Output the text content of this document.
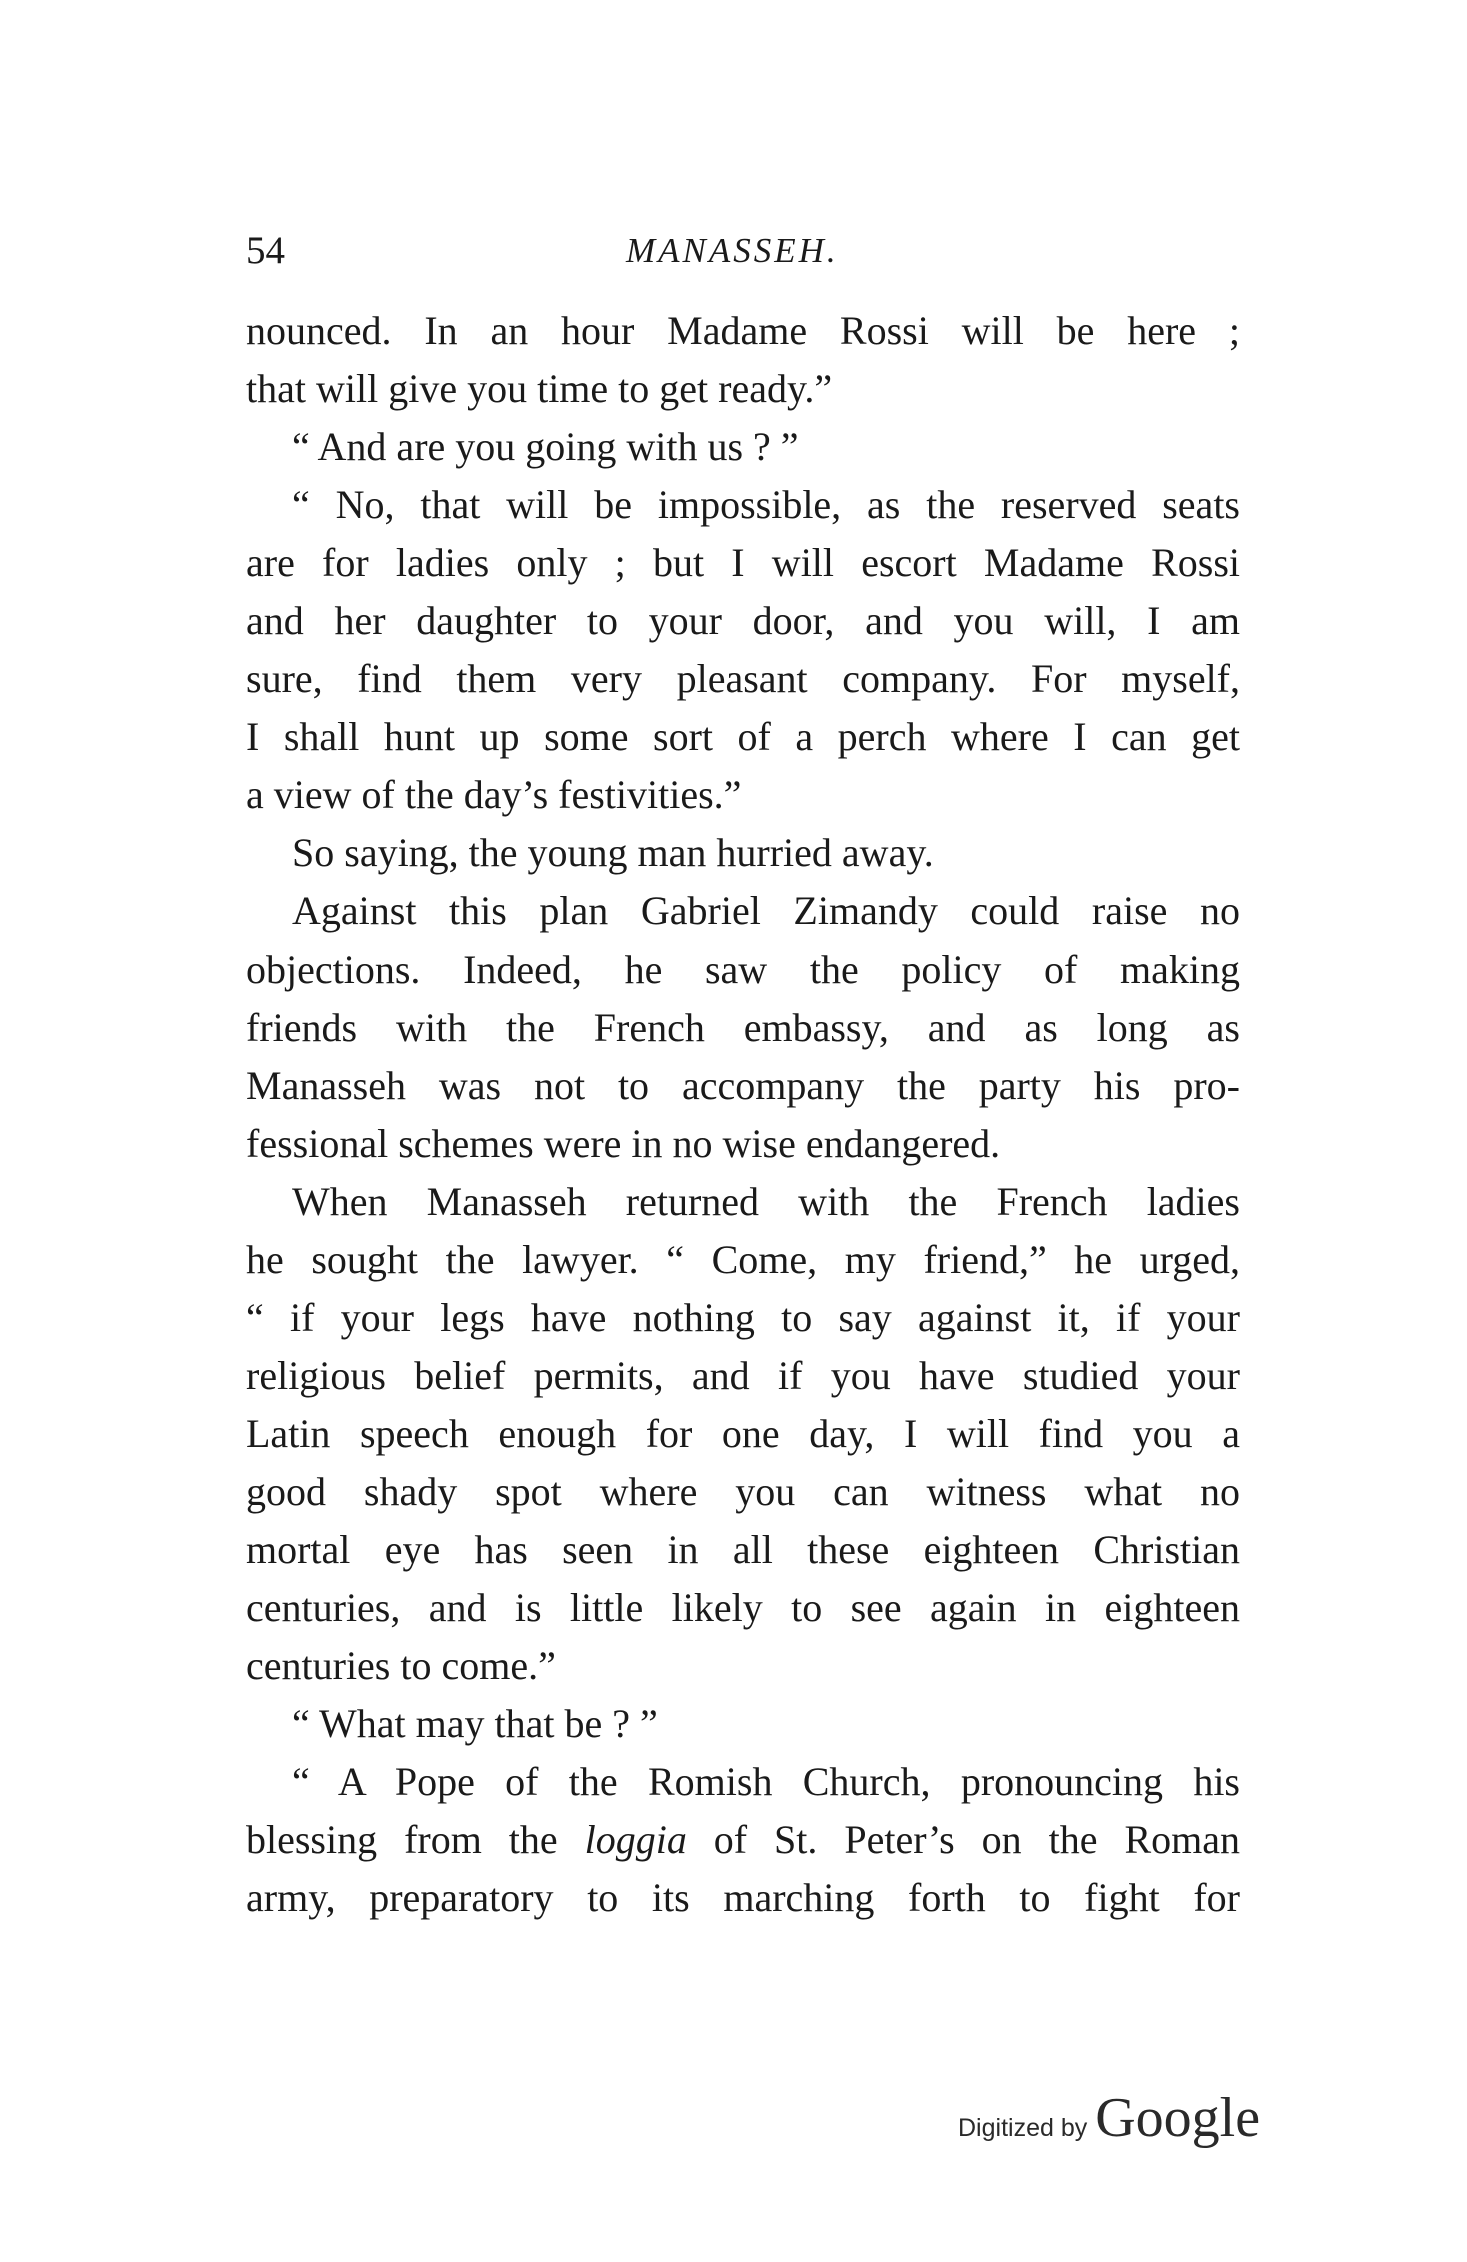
54	MANASSEH.
nounced. In an hour Madame Rossi will be here ;
that will give you time to get ready.”
“ And are you going with us ? ”
“ No, that will be impossible, as the reserved seats
are for ladies only ; but I will escort Madame Rossi
and her daughter to your door, and you will, I am
sure, find them very pleasant company. For myself,
I shall hunt up some sort of a perch where I can get
a view of the day’s festivities.”
So saying, the young man hurried away.
Against this plan Gabriel Zimandy could raise no
objections. Indeed, he saw the policy of making
friends with the French embassy, and as long as
Manasseh was not to accompany the party his pro-
fessional schemes were in no wise endangered.
When Manasseh returned with the French ladies
he sought the lawyer. “ Come, my friend,” he urged,
“ if your legs have nothing to say against it, if your
religious belief permits, and if you have studied your
Latin speech enough for one day, I will find you a
good shady spot where you can witness what no
mortal eye has seen in all these eighteen Christian
centuries, and is little likely to see again in eighteen
centuries to come.”
“ What may that be ? ”
“ A Pope of the Romish Church, pronouncing his
blessing from the loggia of St. Peter’s on the Roman
army, preparatory to its marching forth to fight for
Digitized by Google
